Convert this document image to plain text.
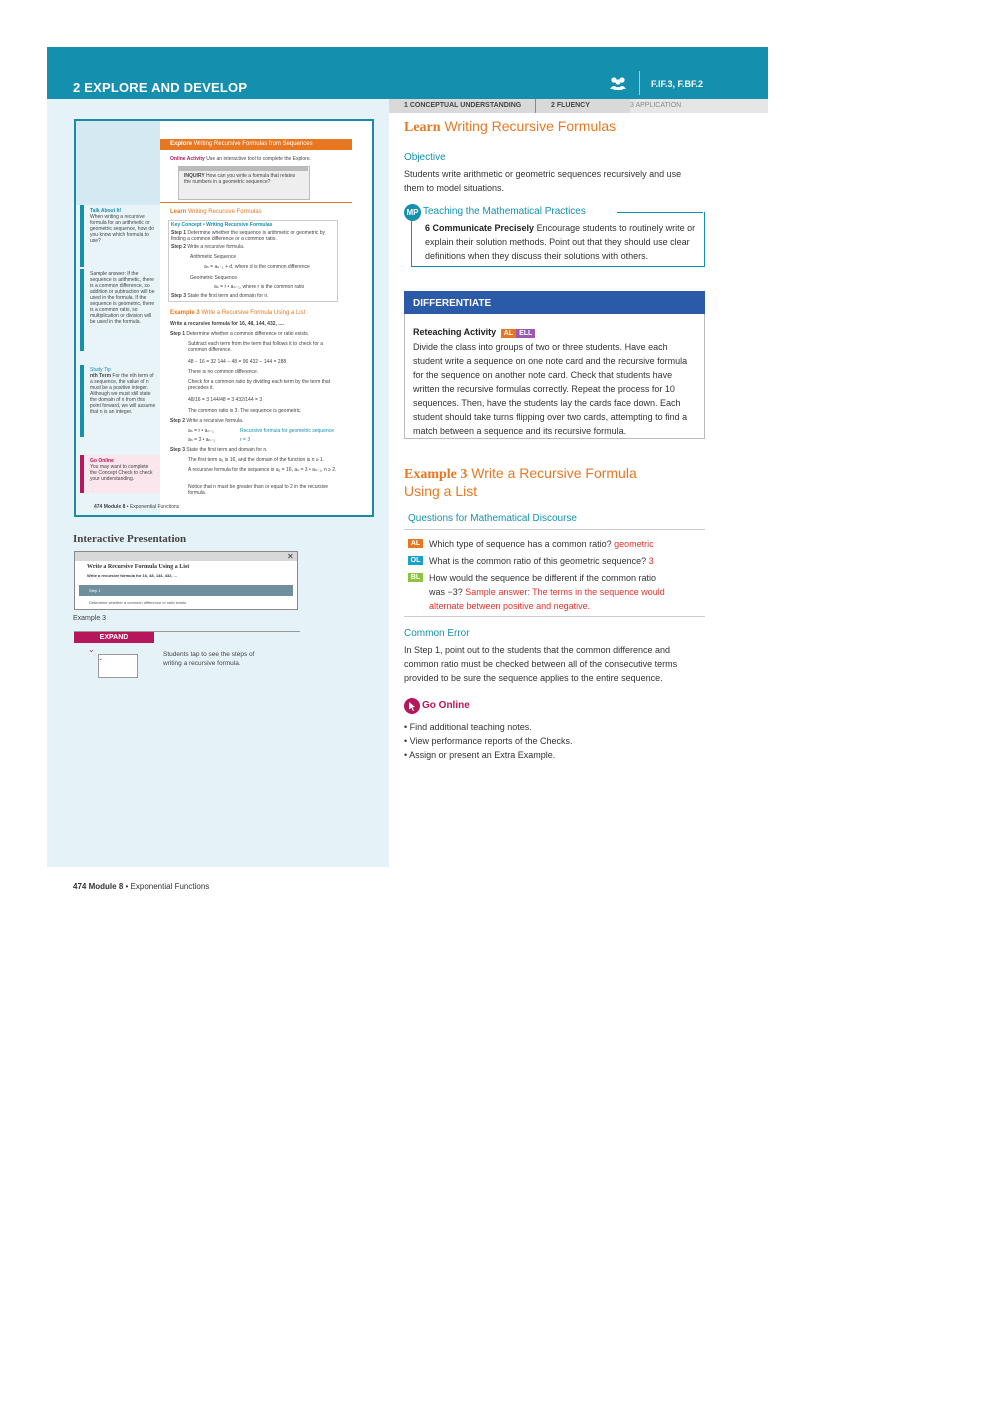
2 EXPLORE AND DEVELOP	F.IF.3, F.BF.2
1 CONCEPTUAL UNDERSTANDING	2 FLUENCY	3 APPLICATION
Explore Writing Recursive Formulas from Sequences
Online Activity Use an interactive tool to complete the Explore.
INQUIRY How can you write a formula that relates the numbers in a geometric sequence?
Talk About It!
When writing a recursive formula for an arithmetic or geometric sequence, how do you know which formula to use?
Sample answer: If the sequence is arithmetic, there is a common difference, so addition or subtraction will be used in the formula. If the sequence is geometric, there is a common ratio, so multiplication or division will be used in the formula.
Study Tip
nth Term For the nth term of a sequence, the value of n must be a positive integer. Although we must still state the domain of n from this point forward, we will assume that n is an integer.
Go Online
You may want to complete the Concept Check to check your understanding.
Learn Writing Recursive Formulas
Key Concept • Writing Recursive Formulas
Step 1 Determine whether the sequence is arithmetic or geometric by finding a common difference or a common ratio.
Step 2 Write a recursive formula.
Arithmetic Sequence
aₙ = aₙ₋₁ + d, where d is the common difference
Geometric Sequence
aₙ = r • aₙ₋₁, where r is the common ratio
Step 3 State the first term and domain for n.
Example 3 Write a Recursive Formula Using a List
Write a recursive formula for 16, 48, 144, 432, ....
Step 1 Determine whether a common difference or ratio exists.
Subtract each term from the term that follows it to check for a common difference.
48 − 16 = 32 144 − 48 = 96 432 − 144 = 288
There is no common difference.
Check for a common ratio by dividing each term by the term that precedes it.
48/16 = 3 144/48 = 3 432/144 = 3
The common ratio is 3. The sequence is geometric.
Step 2 Write a recursive formula.
aₙ = r • aₙ₋₁	Recursive formula for geometric sequence
aₙ = 3 • aₙ₋₁	r = 3
Step 3 State the first term and domain for n.
The first term a₁ is 16, and the domain of the function is n ≥ 1.
A recursive formula for the sequence is a₁ = 16, aₙ = 3 • aₙ₋₁, n ≥ 2.
Notice that n must be greater than or equal to 2 in the recursive formula.
474 Module 8 • Exponential Functions
Interactive Presentation
✕
Write a Recursive Formula Using a List
Write a recursive formula for 16, 48, 144, 432, ...
Step 1
Determine whether a common difference or ratio exists.
Example 3
EXPAND
⌄
⌄
Students tap to see the steps of writing a recursive formula.
Learn Writing Recursive Formulas
Objective
Students write arithmetic or geometric sequences recursively and use them to model situations.
MP Teaching the Mathematical Practices
6 Communicate Precisely Encourage students to routinely write or explain their solution methods. Point out that they should use clear definitions when they discuss their solutions with others.
DIFFERENTIATE
Reteaching Activity AL ELL
Divide the class into groups of two or three students. Have each student write a sequence on one note card and the recursive formula for the sequence on another note card. Check that students have written the recursive formulas correctly. Repeat the process for 10 sequences. Then, have the students lay the cards face down. Each student should take turns flipping over two cards, attempting to find a match between a sequence and its recursive formula.
Example 3 Write a Recursive Formula
Using a List
Questions for Mathematical Discourse
AL Which type of sequence has a common ratio? geometric
OL What is the common ratio of this geometric sequence? 3
BL How would the sequence be different if the common ratio
was −3? Sample answer: The terms in the sequence would
alternate between positive and negative.
Common Error
In Step 1, point out to the students that the common difference and common ratio must be checked between all of the consecutive terms provided to be sure the sequence applies to the entire sequence.
Go Online
• Find additional teaching notes.
• View performance reports of the Checks.
• Assign or present an Extra Example.
474 Module 8 • Exponential Functions
